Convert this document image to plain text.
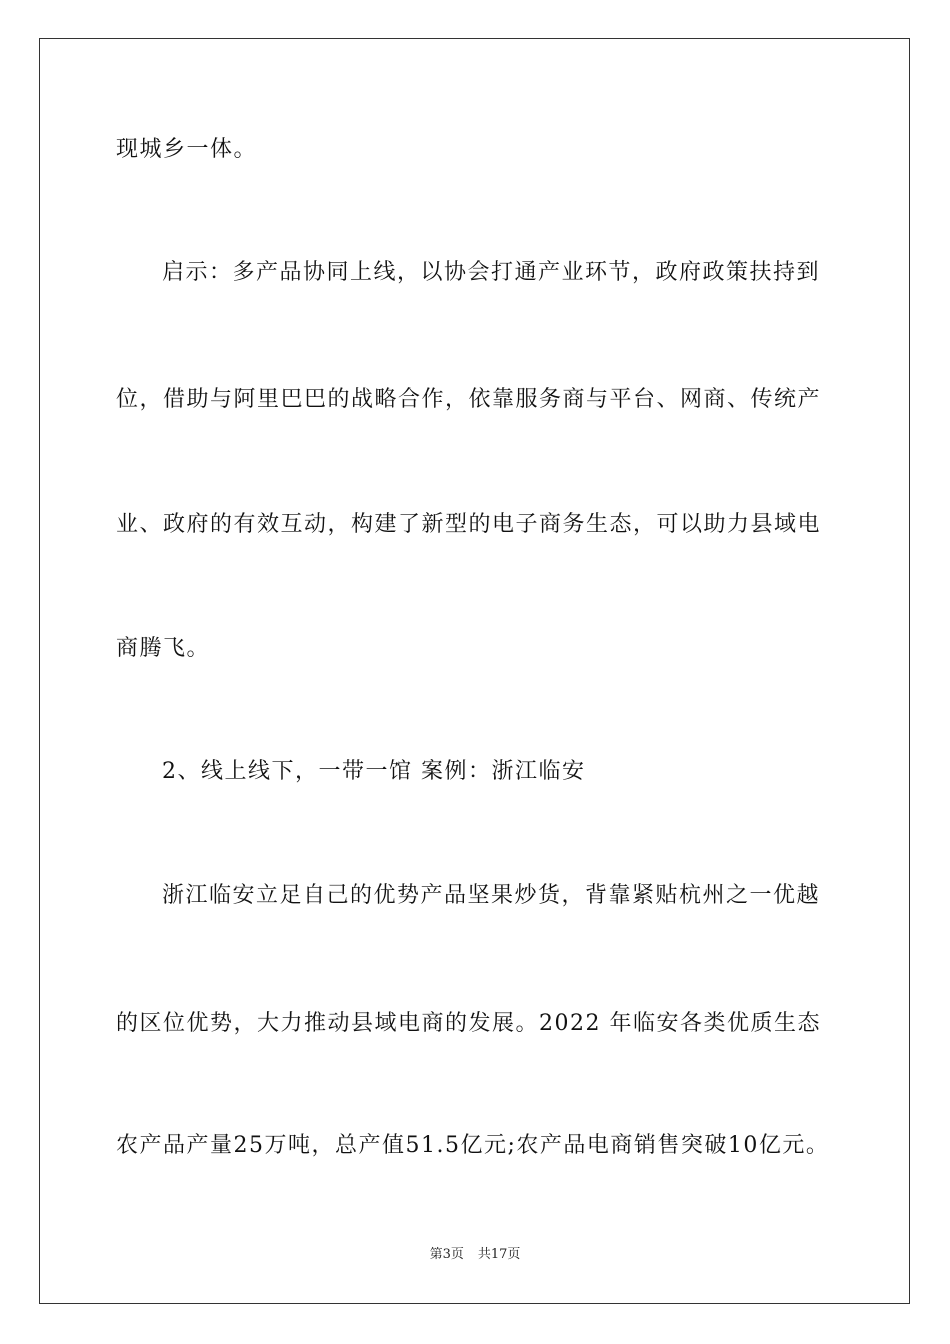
现城乡一体。
启示：多产品协同上线，以协会打通产业环节，政府政策扶持到
位，借助与阿里巴巴的战略合作，依靠服务商与平台、网商、传统产
业、政府的有效互动，构建了新型的电子商务生态，可以助力县域电
商腾飞。
2、线上线下，一带一馆 案例：浙江临安
浙江临安立足自己的优势产品坚果炒货，背靠紧贴杭州之一优越
的区位优势，大力推动县域电商的发展。2022 年临安各类优质生态
农产品产量25万吨，总产值51.5亿元;农产品电商销售突破10亿元。
第3页 共17页
